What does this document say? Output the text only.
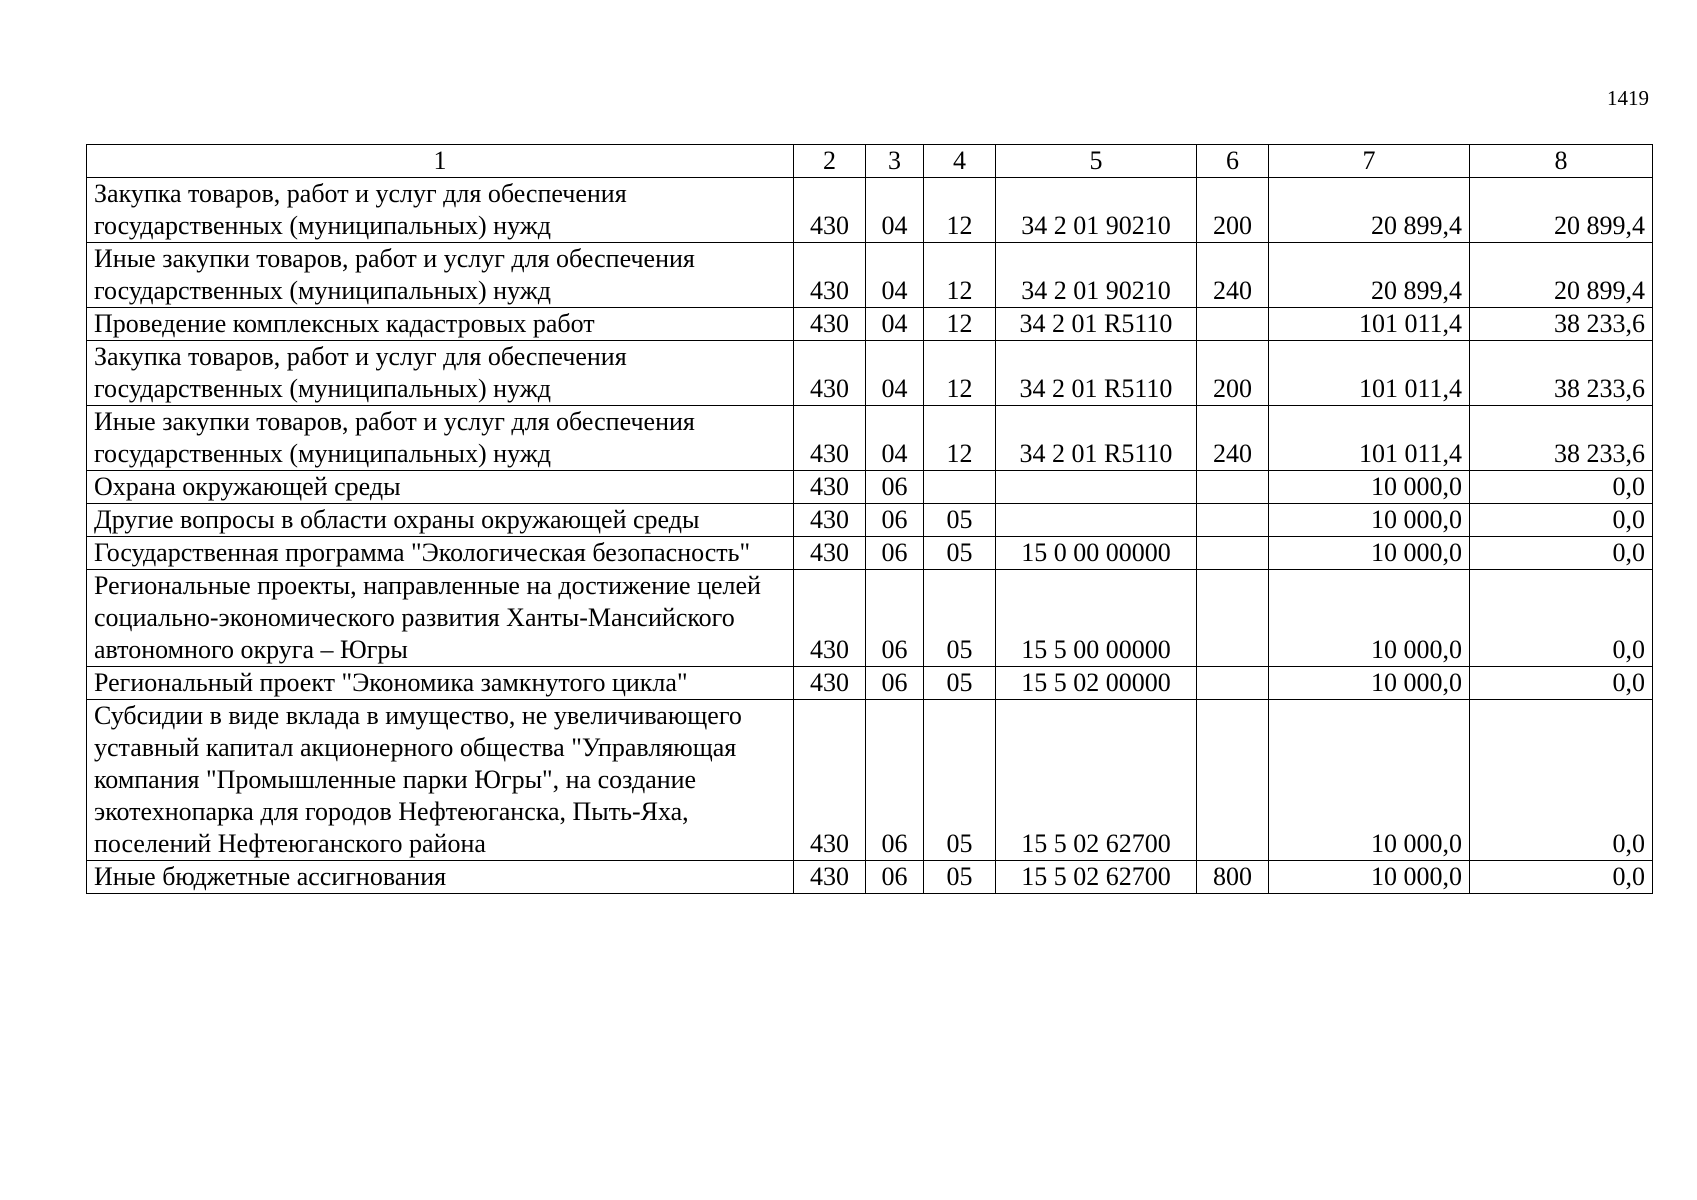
1419
1	2	3	4	5	6	7	8
Закупка товаров, работ и услуг для обеспечения государственных (муниципальных) нужд	430	04	12	34 2 01 90210	200	20 899,4	20 899,4
Иные закупки товаров, работ и услуг для обеспечения государственных (муниципальных) нужд	430	04	12	34 2 01 90210	240	20 899,4	20 899,4
Проведение комплексных кадастровых работ	430	04	12	34 2 01 R5110		101 011,4	38 233,6
Закупка товаров, работ и услуг для обеспечения государственных (муниципальных) нужд	430	04	12	34 2 01 R5110	200	101 011,4	38 233,6
Иные закупки товаров, работ и услуг для обеспечения государственных (муниципальных) нужд	430	04	12	34 2 01 R5110	240	101 011,4	38 233,6
Охрана окружающей среды	430	06				10 000,0	0,0
Другие вопросы в области охраны окружающей среды	430	06	05			10 000,0	0,0
Государственная программа "Экологическая безопасность"	430	06	05	15 0 00 00000		10 000,0	0,0
Региональные проекты, направленные на достижение целей социально-экономического развития Ханты-Мансийского автономного округа – Югры	430	06	05	15 5 00 00000		10 000,0	0,0
Региональный проект "Экономика замкнутого цикла"	430	06	05	15 5 02 00000		10 000,0	0,0
Субсидии в виде вклада в имущество, не увеличивающего уставный капитал акционерного общества "Управляющая компания "Промышленные парки Югры", на создание экотехнопарка для городов Нефтеюганска, Пыть-Яха, поселений Нефтеюганского района	430	06	05	15 5 02 62700		10 000,0	0,0
Иные бюджетные ассигнования	430	06	05	15 5 02 62700	800	10 000,0	0,0
